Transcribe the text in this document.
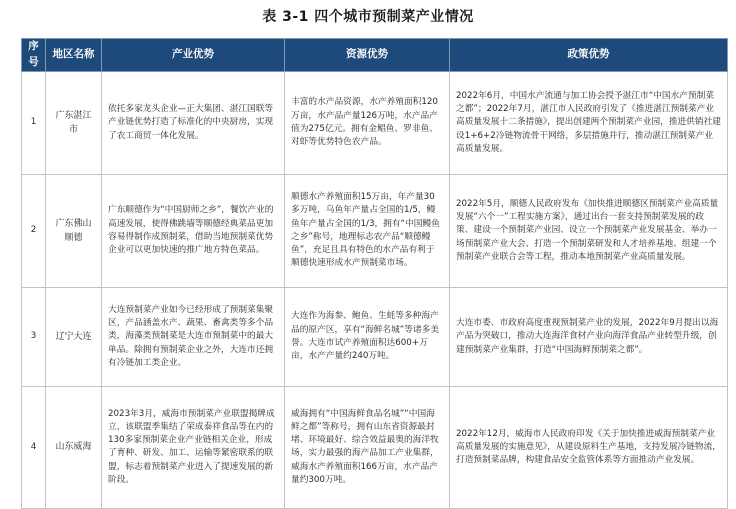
表 3-1 四个城市预制菜产业情况
序号	地区名称	产业优势	资源优势	政策优势
1	广东湛江市	依托多家龙头企业—正大集团、湛江国联等产业链优势打造了标准化的中央厨房，实现了农工商贸一体化发展。	丰富的水产品资源，水产养殖面积120万亩，水产品产量126万吨，水产品产值为275亿元。拥有金鲳鱼、罗非鱼、对虾等优势特色农产品。	2022年6月，中国水产流通与加工协会授予湛江市“中国水产预制菜之都”；2022年7月，湛江市人民政府引发了《推进湛江预制菜产业高质量发展十二条措施》，提出创建两个预制菜产业园，推进供销社建设1+6+2冷链物流骨干网络，多层措施并行，推动湛江预制菜产业高质量发展。
2	广东佛山顺德	广东顺德作为“中国厨师之乡”，餐饮产业的高速发展，使得佛跳墙等顺德经典菜品更加容易得制作成预制菜，借助当地预制菜优势企业可以更加快速的推广地方特色菜品。	顺德水产养殖面积15万亩，年产量30多万吨，乌鱼年产量占全国的1/5，鳗鱼年产量占全国的1/3，拥有“中国鳗鱼之乡”称号，地理标志农产品“顺德鳗鱼”，充足且具有特色的水产品有利于顺德快速形成水产预制菜市场。	2022年5月，顺德人民政府发布《加快推进顺德区预制菜产业高质量发展“六个一”工程实施方案》，通过出台一套支持预制菜发展的政策、建设一个预制菜产业园、设立一个预制菜产业发展基金、举办一场预制菜产业大会、打造一个预制菜研发和人才培养基地、组建一个预制菜产业联合会等工程，推动本地预制菜产业高质量发展。
3	辽宁大连	大连预制菜产业如今已经形成了预制菜集聚区，产品涵盖水产、蔬果、畜禽类等多个品类，海藻类预制菜是大连市预制菜中的最大单品。除拥有预制菜企业之外，大连市还拥有冷链加工类企业。	大连作为海参、鲍鱼、生蚝等多种海产品的原产区，享有“海鲜名城”等诸多美誉。大连市试产养殖面积达600+万亩，水产产量约240万吨。	大连市委、市政府高度重视预制菜产业的发展，2022年9月提出以海产品为突破口，推动大连海洋食材产业向海洋食品产业转型升级，创建预制菜产业集群，打造“中国海鲜预制菜之都”。
4	山东威海	2023年3月，威海市预制菜产业联盟揭牌成立，该联盟季集结了荣成泰祥食品等在内的130多家预制菜企业产业链相关企业，形成了育种、研发、加工、运输等紧密联系的联盟，标志着预制菜产业进入了提速发展的新阶段。	威海拥有“中国海鲜食品名城”“中国海鲜之都”等称号，拥有山东省资源最封堵、环境最好、综合效益最奥的海洋牧场，实力最强的海产品加工产业集群，威海水产养殖面积166万亩，水产品产量约300万吨。	2022年12月，威海市人民政府印发《关于加快推进威海预制菜产业高质量发展的实施意见》，从建设原料生产基地，支持发展冷链物流，打造预制菜品牌，构建食品安全监管体系等方面推动产业发展。
